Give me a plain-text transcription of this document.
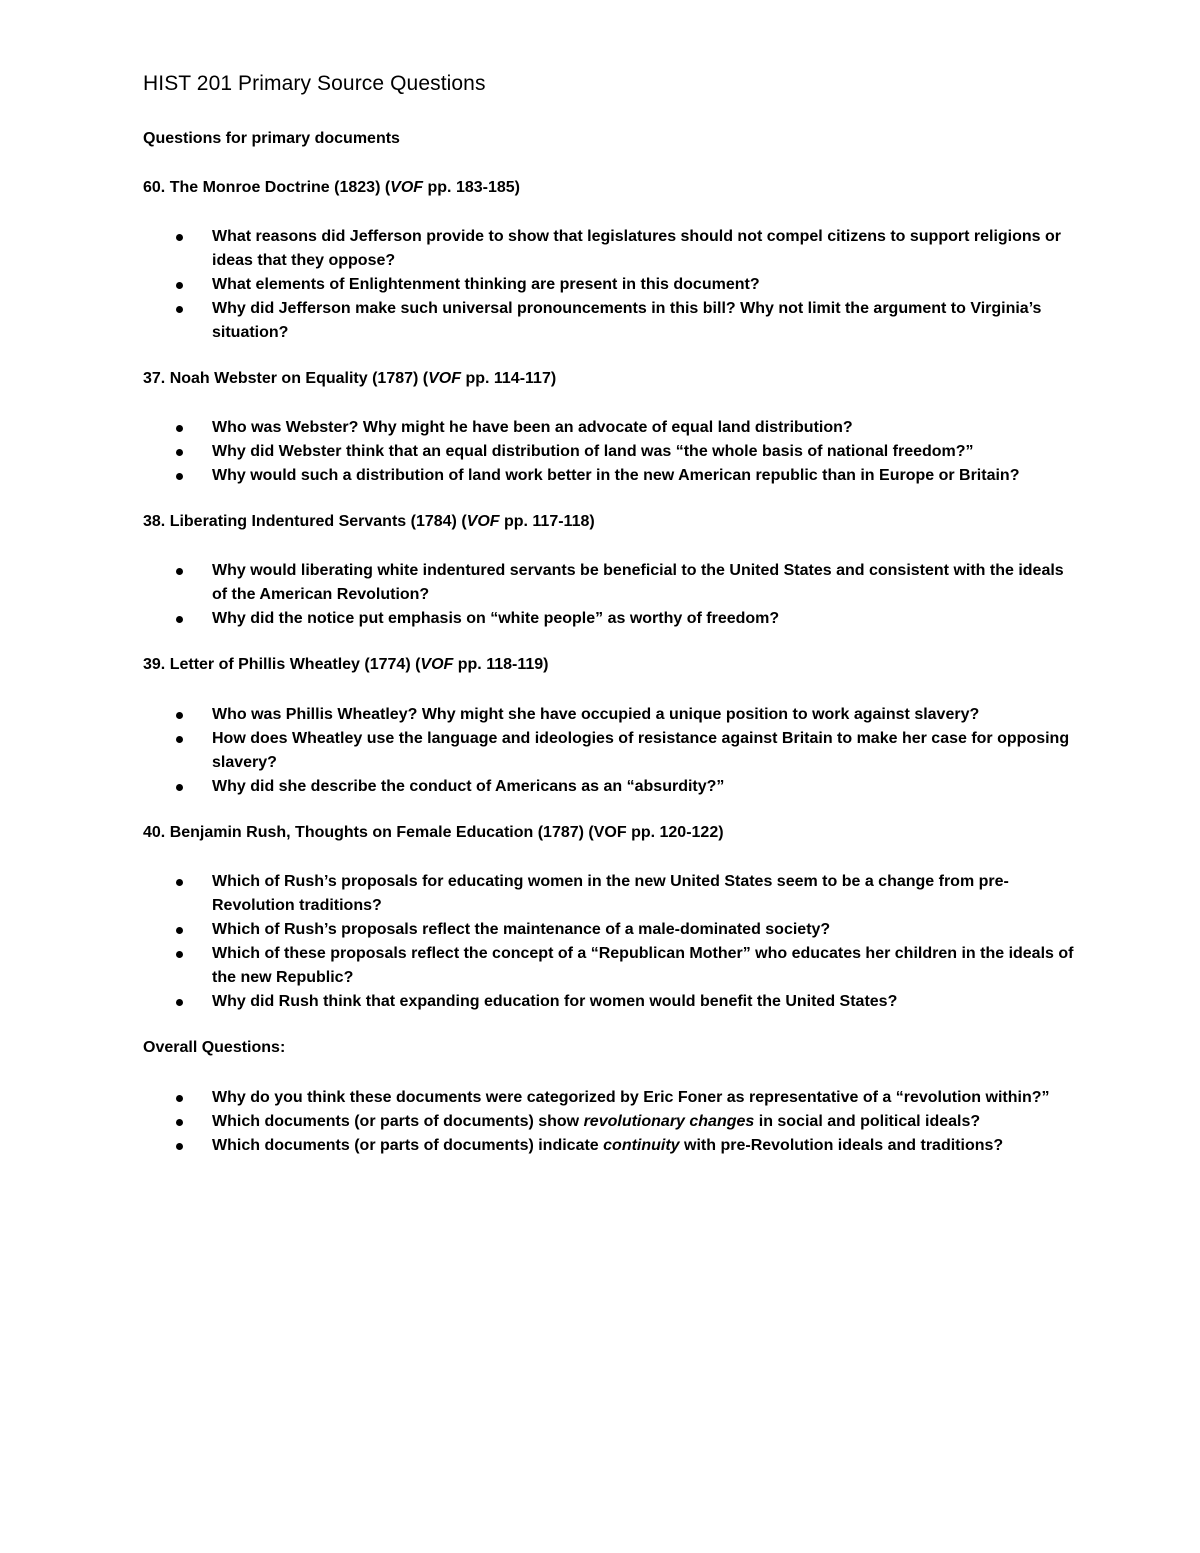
HIST 201 Primary Source Questions
Questions for primary documents
60. The Monroe Doctrine (1823) (VOF pp. 183-185)
What reasons did Jefferson provide to show that legislatures should not compel citizens to support religions or ideas that they oppose?
What elements of Enlightenment thinking are present in this document?
Why did Jefferson make such universal pronouncements in this bill? Why not limit the argument to Virginia’s situation?
37. Noah Webster on Equality (1787) (VOF pp. 114-117)
Who was Webster? Why might he have been an advocate of equal land distribution?
Why did Webster think that an equal distribution of land was “the whole basis of national freedom?”
Why would such a distribution of land work better in the new American republic than in Europe or Britain?
38. Liberating Indentured Servants (1784) (VOF pp. 117-118)
Why would liberating white indentured servants be beneficial to the United States and consistent with the ideals of the American Revolution?
Why did the notice put emphasis on “white people” as worthy of freedom?
39. Letter of Phillis Wheatley (1774) (VOF pp. 118-119)
Who was Phillis Wheatley? Why might she have occupied a unique position to work against slavery?
How does Wheatley use the language and ideologies of resistance against Britain to make her case for opposing slavery?
Why did she describe the conduct of Americans as an “absurdity?”
40. Benjamin Rush, Thoughts on Female Education (1787) (VOF pp. 120-122)
Which of Rush’s proposals for educating women in the new United States seem to be a change from pre-Revolution traditions?
Which of Rush’s proposals reflect the maintenance of a male-dominated society?
Which of these proposals reflect the concept of a “Republican Mother” who educates her children in the ideals of the new Republic?
Why did Rush think that expanding education for women would benefit the United States?
Overall Questions:
Why do you think these documents were categorized by Eric Foner as representative of a “revolution within?”
Which documents (or parts of documents) show revolutionary changes in social and political ideals?
Which documents (or parts of documents) indicate continuity with pre-Revolution ideals and traditions?
